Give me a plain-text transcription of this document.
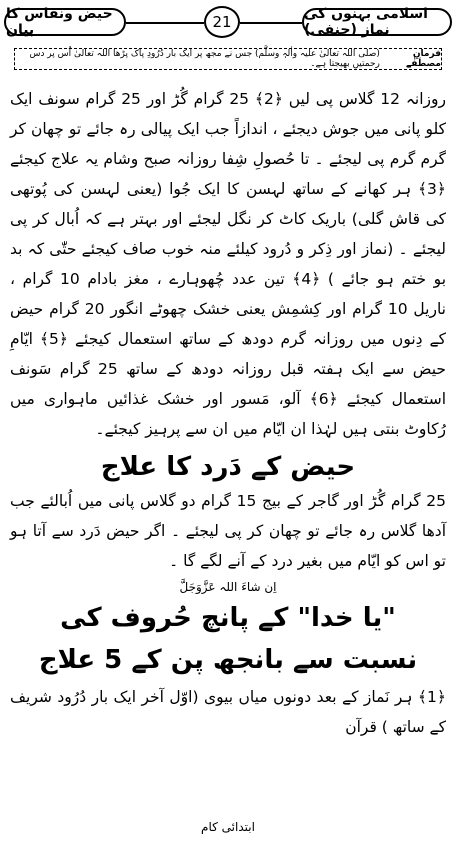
حیض ونفاس کا بیان	21	اسلامی بہنوں کی نماز (حنفی)
فرمانِ مصطَفٰے
(صلی اللہ تعالیٰ علیہ واٰلہٖ وسلَّم) جس نے مجھ پر ایک بار دُرُودِ پاک پڑھا اللہ تعالیٰ اُس پر دس رحمتیں بھیجتا ہے۔

روزانہ 12 گلاس پی لیں ﴿2﴾ 25 گرام گُڑ اور 25 گرام سونف ایک کلو پانی میں جوش دیجئے ، اندازاً جب ایک پیالی رہ جائے تو چھان کر گرم گرم پی لیجئے ۔ تا حُصولِ شِفا روزانہ صبح وشام یہ علاج کیجئے ﴿3﴾ ہر کھانے کے ساتھ لہسن کا ایک جُوا (یعنی لہسن کی پُوتھی کی قاش گلی) باریک کاٹ کر نگل لیجئے اور بہتر ہے کہ اُبال کر پی لیجئے ۔ (نماز اور ذِکر و دُرود کیلئے منہ خوب صاف کیجئے حتّٰی کہ بد بو ختم ہو جائے ) ﴿4﴾ تین عدد چُھوہارے ، مغز بادام 10 گرام ، ناریل 10 گرام اور کِشمِش یعنی خشک چھوٹے انگور 20 گرام حیض کے دِنوں میں روزانہ گرم دودھ کے ساتھ استعمال کیجئے ﴿5﴾ ایّامِ حیض سے ایک ہفتہ قبل روزانہ دودھ کے ساتھ 25 گرام سَونف استعمال کیجئے ﴿6﴾ آلو، مَسور اور خشک غذائیں ماہواری میں رُکاوٹ بنتی ہیں لہٰذا ان ایّام میں ان سے پرہیز کیجئے۔

حیض کے دَرد کا علاج

25 گرام گُڑ اور گاجر کے بیج 15 گرام دو گلاس پانی میں اُبالئے جب آدھا گلاس رہ جائے تو چھان کر پی لیجئے ۔ اگر حیض دَرد سے آتا ہو تو اس کو ایّام میں بغیر درد کے آنے لگے گا ۔

اِن شاءَ اللہ عَزَّوَجَلَّ
"یا خدا" کے پانچ حُروف کی
نسبت سے بانجھ پن کے 5 علاج

﴿1﴾ ہر نَماز کے بعد دونوں میاں بیوی (اوّل آخر ایک بار دُرُود شریف کے ساتھ ) قرآن

ابتدائی کام
